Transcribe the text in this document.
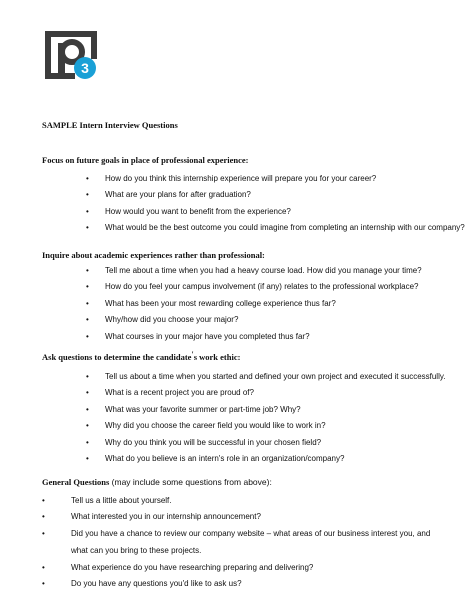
3
SAMPLE Intern Interview Questions
Focus on future goals in place of professional experience:
• How do you think this internship experience will prepare you for your career?
• What are your plans for after graduation?
• How would you want to benefit from the experience?
• What would be the best outcome you could imagine from completing an internship with our company?
Inquire about academic experiences rather than professional:
• Tell me about a time when you had a heavy course load. How did you manage your time?
• How do you feel your campus involvement (if any) relates to the professional workplace?
• What has been your most rewarding college experience thus far?
• Why/how did you choose your major?
• What courses in your major have you completed thus far?
Ask questions to determine the candidate's work ethic:
• Tell us about a time when you started and defined your own project and executed it successfully.
• What is a recent project you are proud of?
• What was your favorite summer or part-time job? Why?
• Why did you choose the career field you would like to work in?
• Why do you think you will be successful in your chosen field?
• What do you believe is an intern's role in an organization/company?
General Questions (may include some questions from above):
•	Tell us a little about yourself.
•	What interested you in our internship announcement?
•	Did you have a chance to review our company website – what areas of our business interest you, and
what can you bring to these projects.
•	What experience do you have researching preparing and delivering?
•	Do you have any questions you'd like to ask us?
